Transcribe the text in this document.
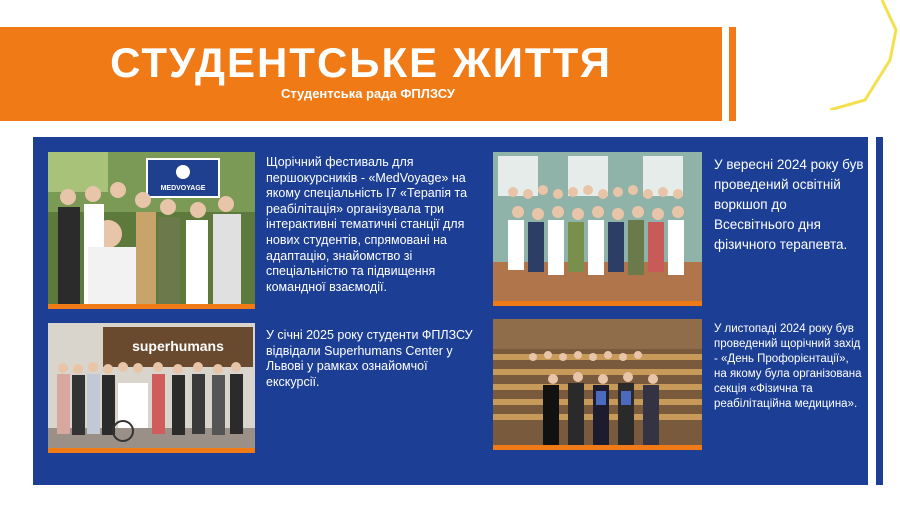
СТУДЕНТСЬКЕ ЖИТТЯ
Студентська рада ФПЛЗСУ
MEDVOYAGE
Щорічний фестиваль для першокурсників - «MedVoyage» на якому спеціальність І7 «Терапія та реабілітація» організувала три інтерактивні тематичні станції для нових студентів, спрямовані на адаптацію, знайомство зі спеціальністю та підвищення командної взаємодії.
У вересні 2024 року був проведений освітній воркшоп до Всесвітнього дня фізичного терапевта.
superhumans
У січні 2025 року студенти ФПЛЗСУ відвідали Superhumans Center у Львові у рамках ознайомчої екскурсії.
У листопаді 2024 року був проведений щорічний захід - «День Профорієнтації», на якому була організована секція «Фізична та реабілітаційна медицина».
